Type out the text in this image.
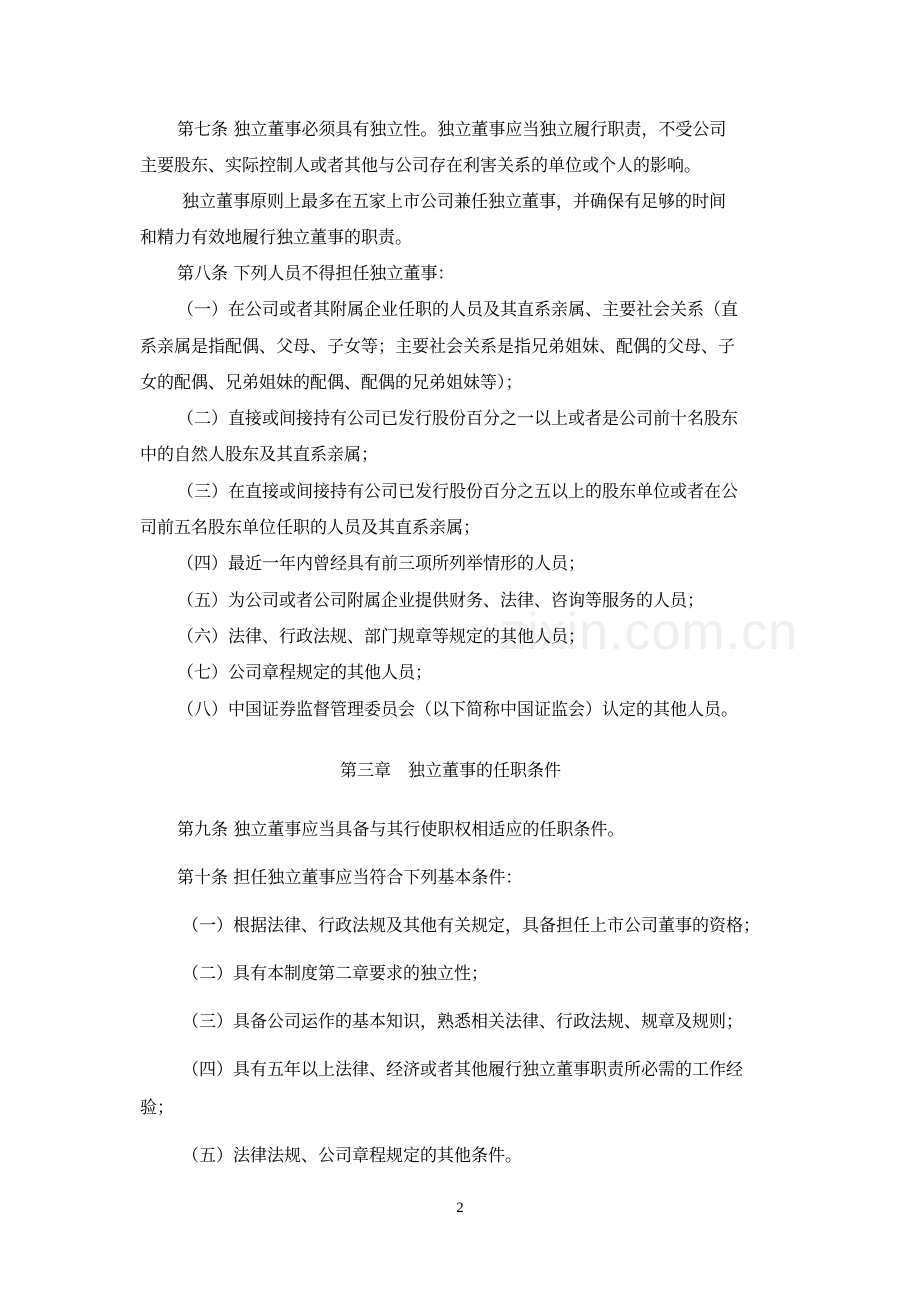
zixin.com.cn
第七条 独立董事必须具有独立性。独立董事应当独立履行职责，不受公司
主要股东、实际控制人或者其他与公司存在利害关系的单位或个人的影响。
独立董事原则上最多在五家上市公司兼任独立董事，并确保有足够的时间
和精力有效地履行独立董事的职责。
第八条 下列人员不得担任独立董事：
（一）在公司或者其附属企业任职的人员及其直系亲属、主要社会关系（直
系亲属是指配偶、父母、子女等；主要社会关系是指兄弟姐妹、配偶的父母、子
女的配偶、兄弟姐妹的配偶、配偶的兄弟姐妹等）；
（二）直接或间接持有公司已发行股份百分之一以上或者是公司前十名股东
中的自然人股东及其直系亲属；
（三）在直接或间接持有公司已发行股份百分之五以上的股东单位或者在公
司前五名股东单位任职的人员及其直系亲属；
（四）最近一年内曾经具有前三项所列举情形的人员；
（五）为公司或者公司附属企业提供财务、法律、咨询等服务的人员；
（六）法律、行政法规、部门规章等规定的其他人员；
（七）公司章程规定的其他人员；
（八）中国证券监督管理委员会（以下简称中国证监会）认定的其他人员。
第三章　独立董事的任职条件
第九条 独立董事应当具备与其行使职权相适应的任职条件。
第十条 担任独立董事应当符合下列基本条件：
（一）根据法律、行政法规及其他有关规定，具备担任上市公司董事的资格；
（二）具有本制度第二章要求的独立性；
（三）具备公司运作的基本知识，熟悉相关法律、行政法规、规章及规则；
（四）具有五年以上法律、经济或者其他履行独立董事职责所必需的工作经
验；
（五）法律法规、公司章程规定的其他条件。
2
